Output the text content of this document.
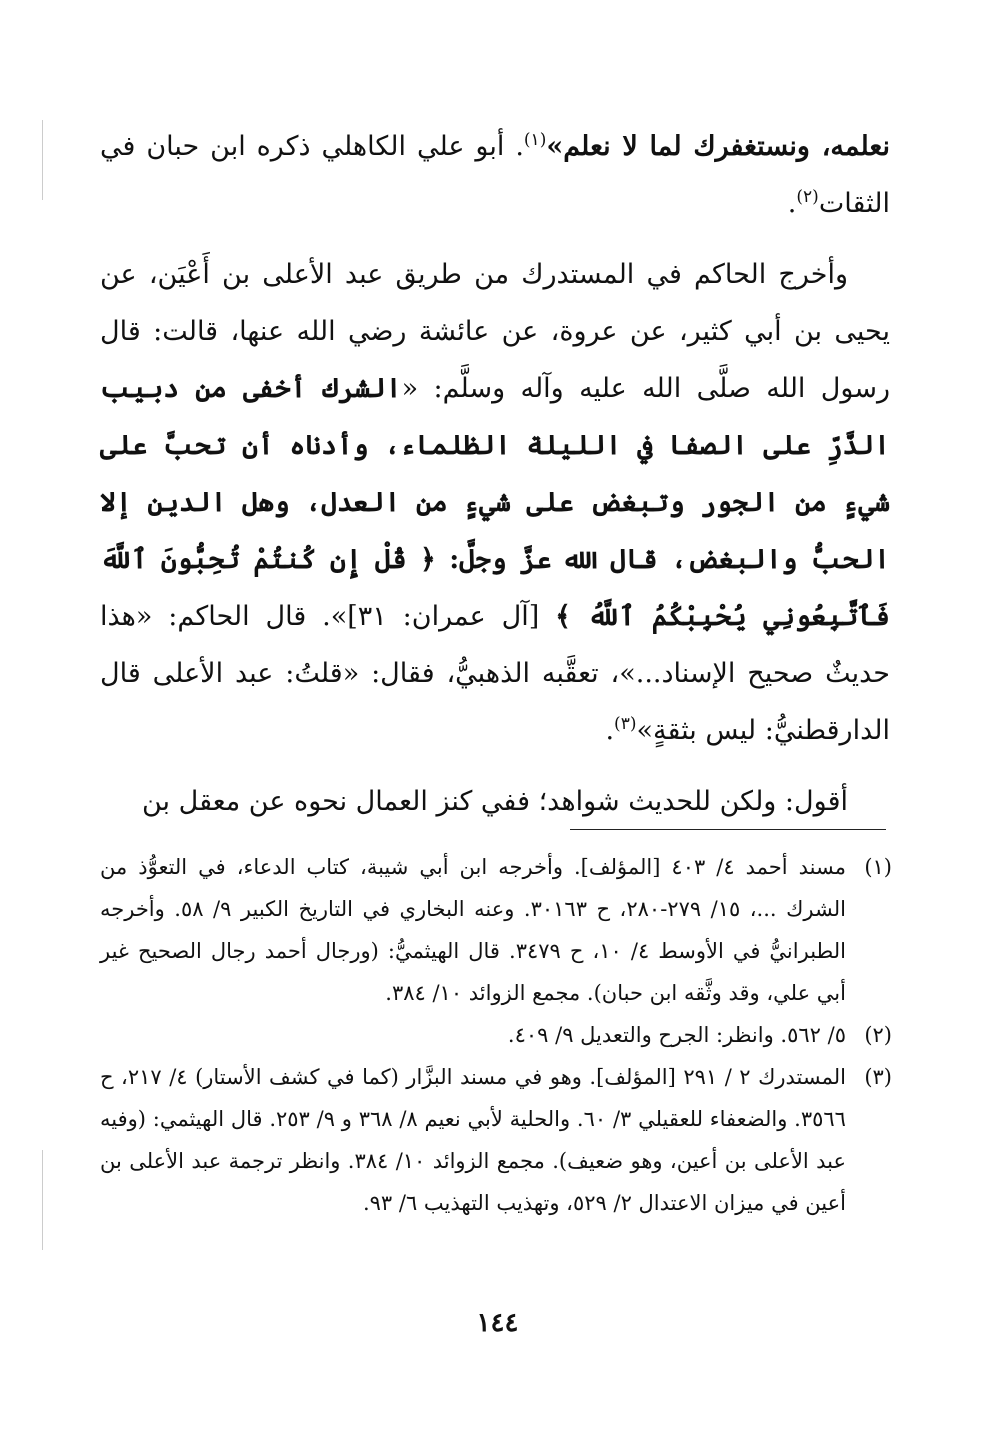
نعلمه، ونستغفرك لما لا نعلم»$^{(١)}$. أبو علي الكاهلي ذكره ابن حبان في الثقات$^{(٢)}$.

وأخرج الحاكم في المستدرك من طريق عبد الأعلى بن أَعْيَن، عن يحيى بن أبي كثير، عن عروة، عن عائشة رضي الله عنها، قالت: قال رسول الله صلَّى الله عليه وآله وسلَّم: «الشرك أخفى من دبيب الذَّرِّ على الصفا في الليلة الظلماء، وأدناه أن تحبَّ على شيءٍ من الجور وتبغض على شيءٍ من العدل، وهل الدين إلا الحبُّ والبغض، قال الله عزَّ وجلَّ: ﴿ قُلْ إِن كُنتُمْ تُحِبُّونَ ٱللَّهَ فَٱتَّبِعُونِي يُحْبِبْكُمُ ٱللَّهُ ﴾ [آل عمران: ٣١]». قال الحاكم: «هذا حديثٌ صحيح الإسناد...»، تعقَّبه الذهبيُّ، فقال: «قلتُ: عبد الأعلى قال الدارقطنيُّ: ليس بثقةٍ»$^{(٣)}$.

أقول: ولكن للحديث شواهد؛ ففي كنز العمال نحوه عن معقل بن

(١)
مسند أحمد ٤/ ٤٠٣ [المؤلف]. وأخرجه ابن أبي شيبة، كتاب الدعاء، في التعوُّذ من الشرك ...، ١٥/ ٢٧٩-٢٨٠، ح ٣٠١٦٣. وعنه البخاري في التاريخ الكبير ٩/ ٥٨. وأخرجه الطبرانيُّ في الأوسط ٤/ ١٠، ح ٣٤٧٩. قال الهيثميُّ: (ورجال أحمد رجال الصحيح غير أبي علي، وقد وثَّقه ابن حبان). مجمع الزوائد ١٠/ ٣٨٤.
(٢)
٥/ ٥٦٢. وانظر: الجرح والتعديل ٩/ ٤٠٩.
(٣)
المستدرك ٢ / ٢٩١ [المؤلف]. وهو في مسند البزَّار (كما في كشف الأستار) ٤/ ٢١٧، ح ٣٥٦٦. والضعفاء للعقيلي ٣/ ٦٠. والحلية لأبي نعيم ٨/ ٣٦٨ و ٩/ ٢٥٣. قال الهيثمي: (وفيه عبد الأعلى بن أعين، وهو ضعيف). مجمع الزوائد ١٠/ ٣٨٤. وانظر ترجمة عبد الأعلى بن أعين في ميزان الاعتدال ٢/ ٥٢٩، وتهذيب التهذيب ٦/ ٩٣.
١٤٤
